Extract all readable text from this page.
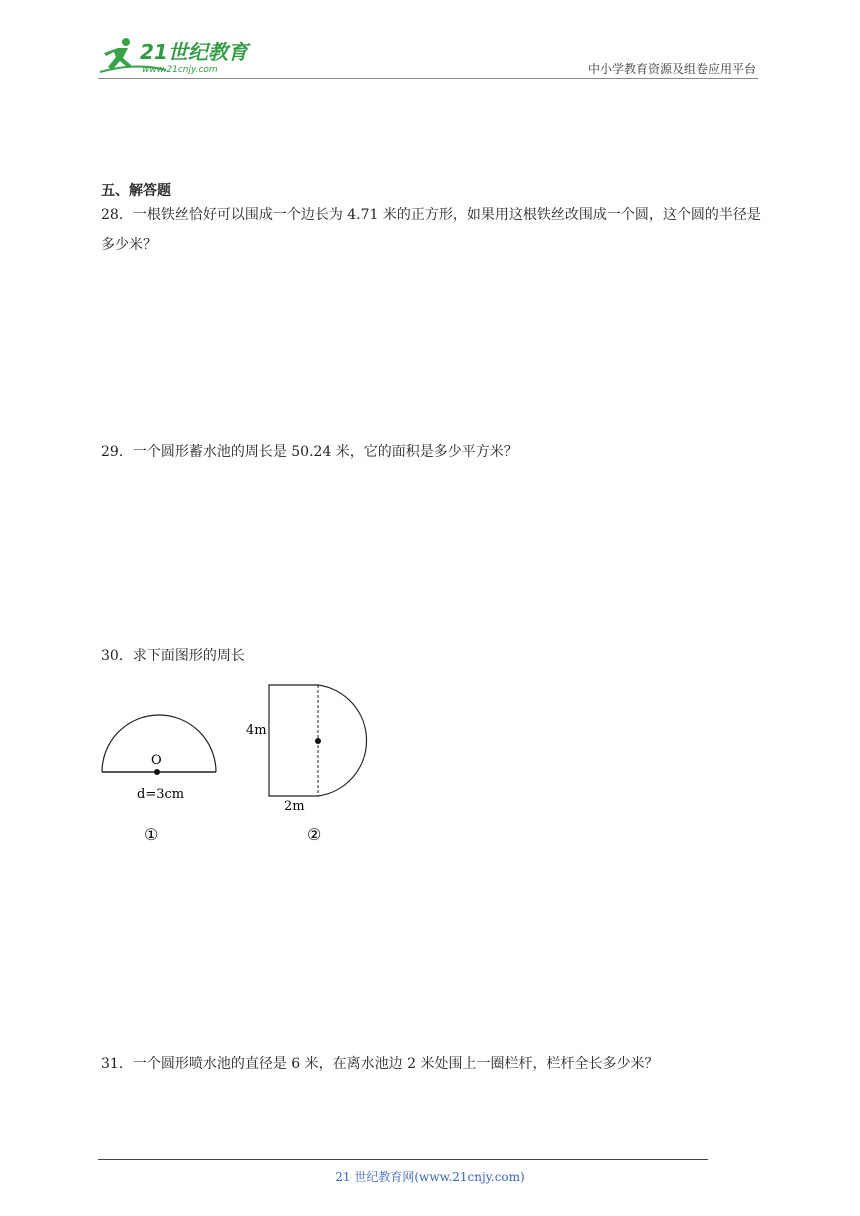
21世纪教育
www.21cnjy.com	中小学教育资源及组卷应用平台
五、解答题
28．一根铁丝恰好可以围成一个边长为 4.71 米的正方形，如果用这根铁丝改围成一个圆，这个圆的半径是多少米？
29．一个圆形蓄水池的周长是 50.24 米，它的面积是多少平方米？
30．求下面图形的周长
O
d=3cm
①
4m
2m
②
31．一个圆形喷水池的直径是 6 米，在离水池边 2 米处围上一圈栏杆，栏杆全长多少米？
21 世纪教育网(www.21cnjy.com)
